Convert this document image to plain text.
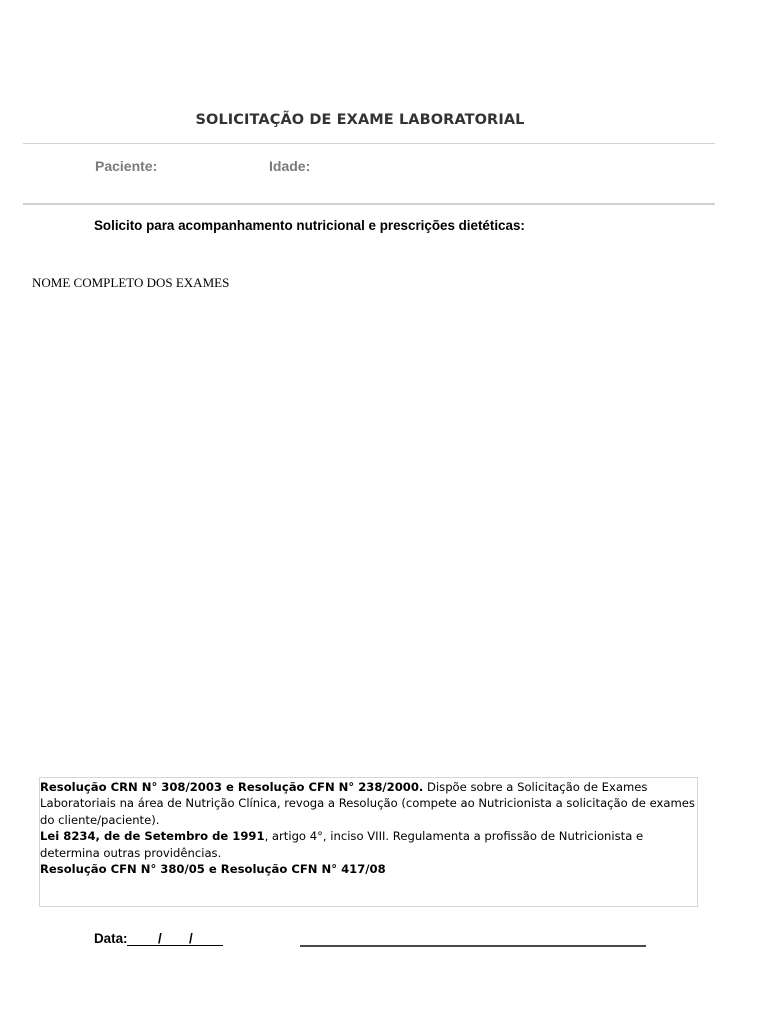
SOLICITAÇÃO DE EXAME LABORATORIAL
Paciente:	Idade:
Solicito para acompanhamento nutricional e prescrições dietéticas:
NOME COMPLETO DOS EXAMES

Resolução CRN N° 308/2003 e Resolução CFN N° 238/2000. Dispõe sobre a Solicitação de Exames Laboratoriais na área de Nutrição Clínica, revoga a Resolução (compete ao Nutricionista a solicitação de exames do cliente/paciente).

Lei 8234, de de Setembro de 1991, artigo 4°, inciso VIII. Regulamenta a profissão de Nutricionista e determina outras providências.

Resolução CFN N° 380/05 e Resolução CFN N° 417/08

Data: / /
